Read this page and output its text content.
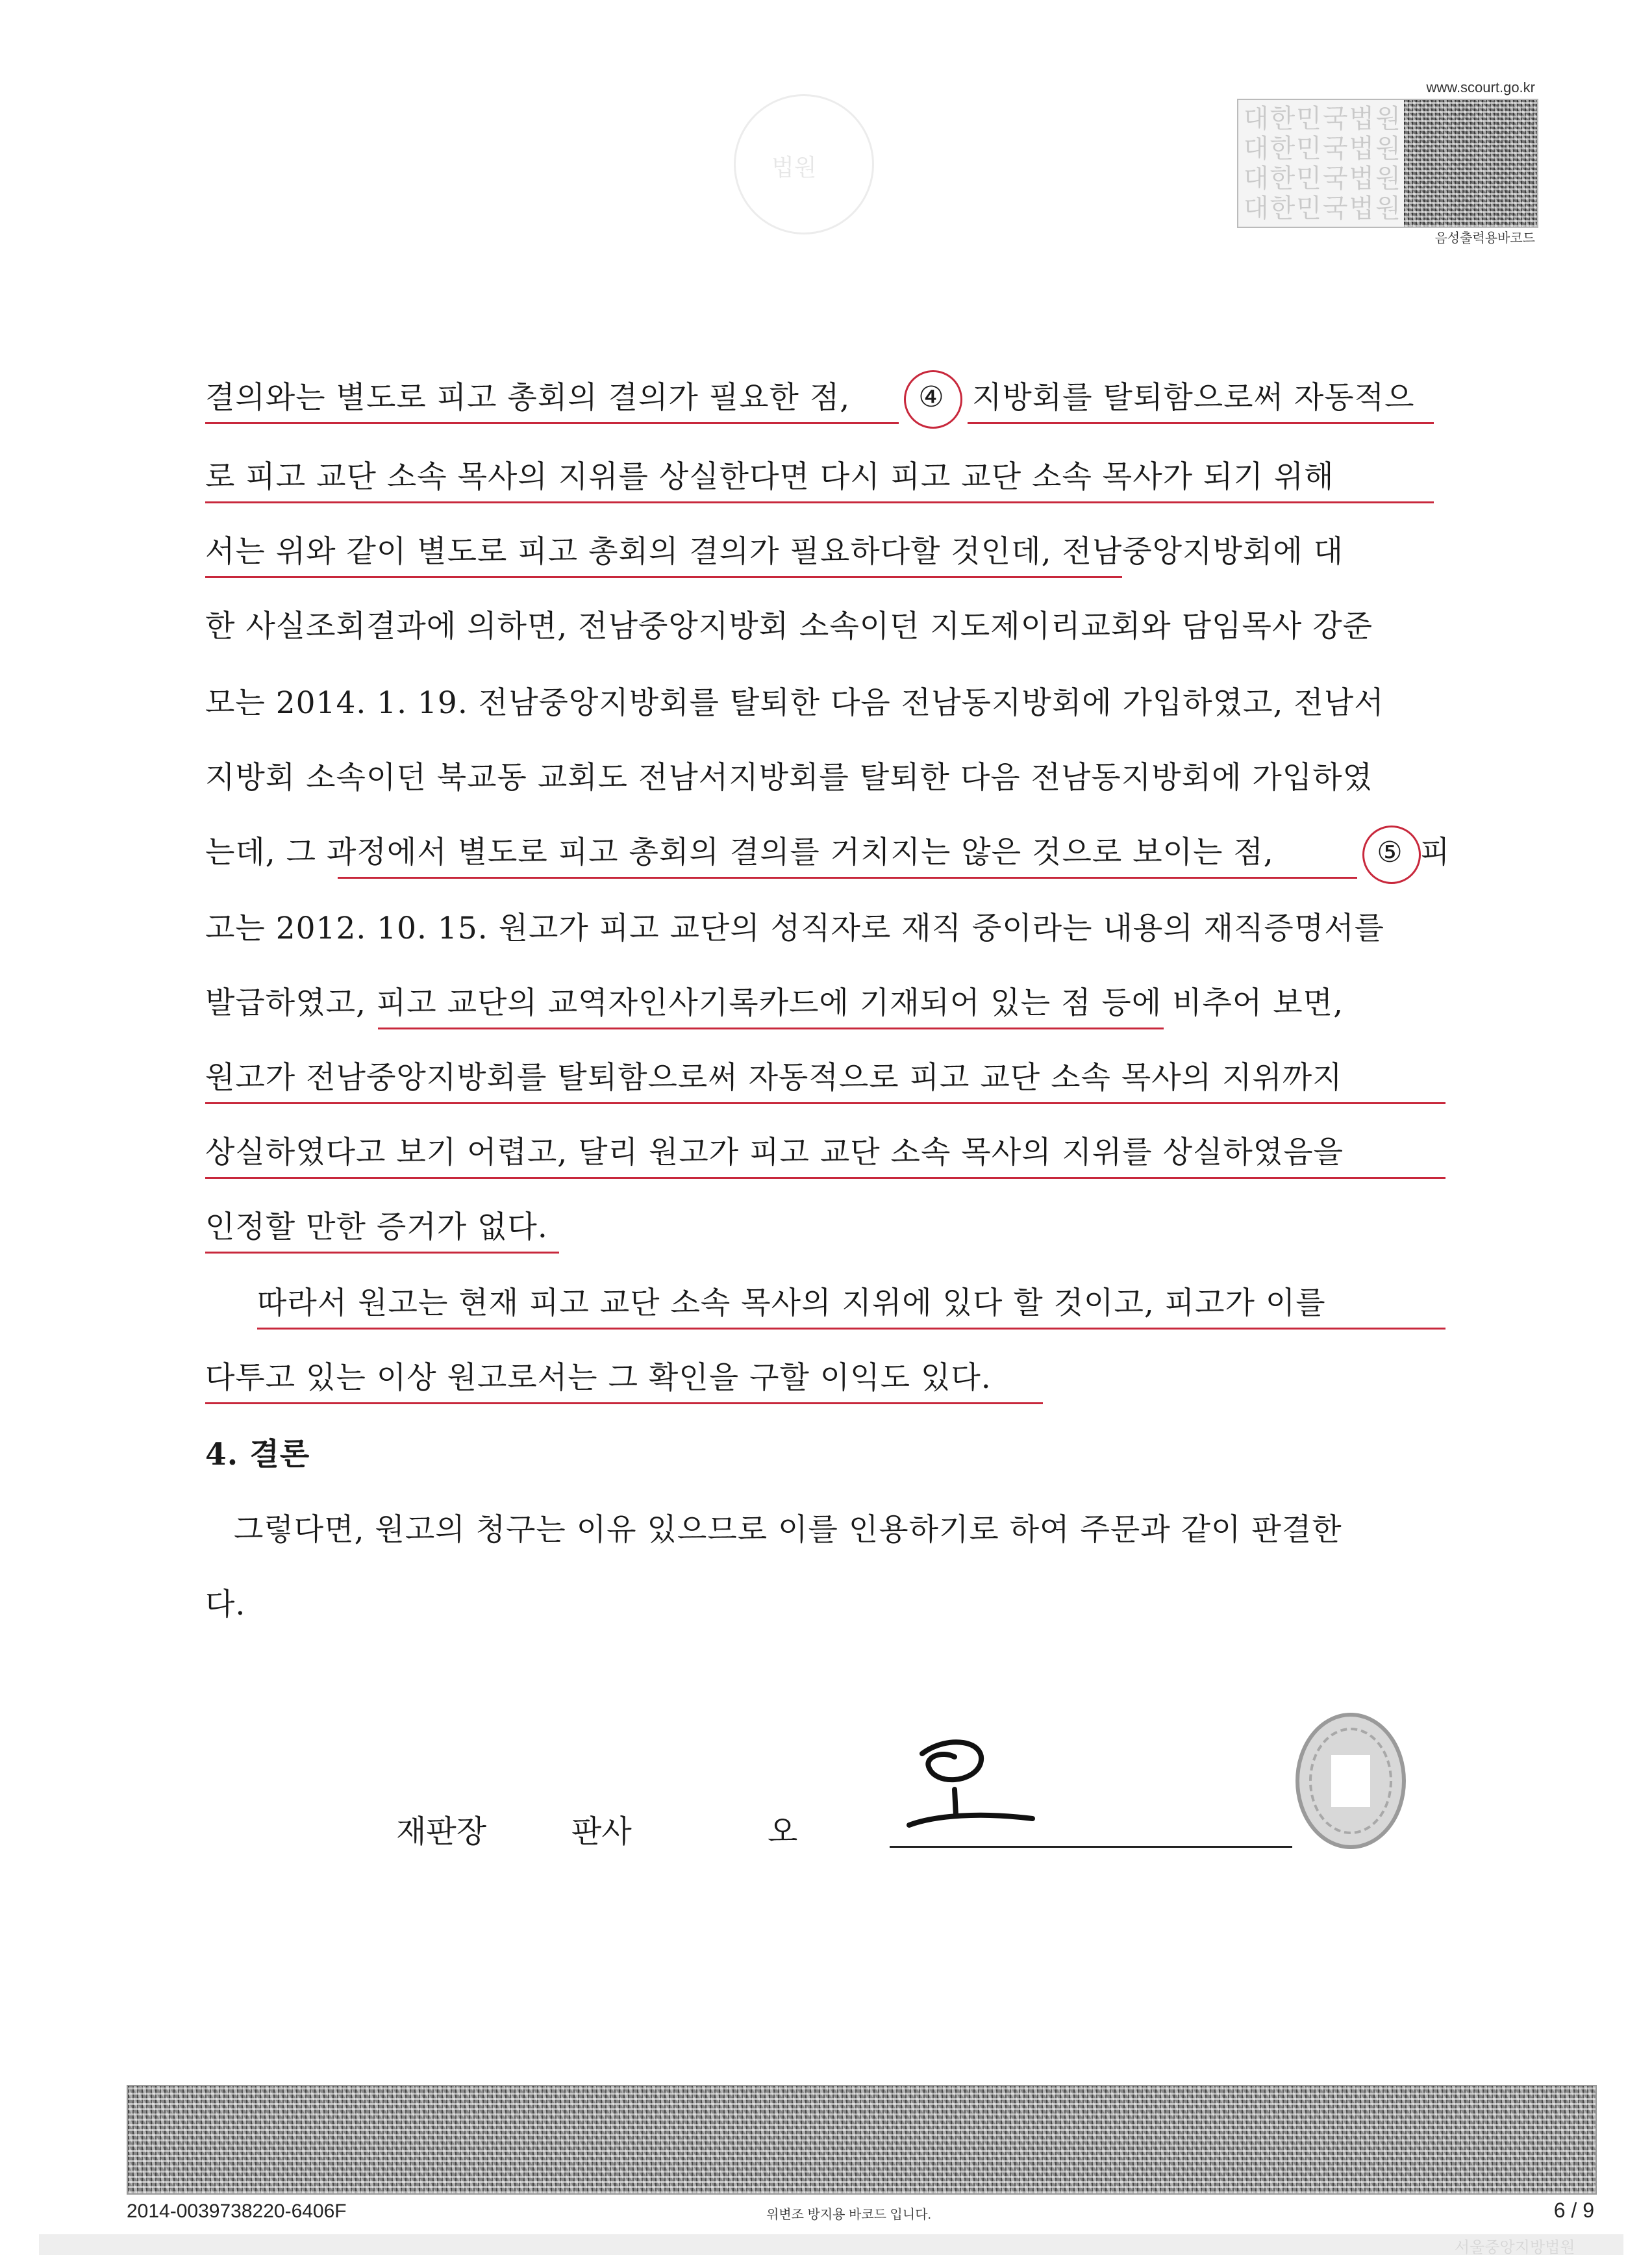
www.scourt.go.kr
대한민국법원
대한민국법원
대한민국법원
대한민국법원
음성출력용바코드
법원
결의와는 별도로 피고 총회의 결의가 필요한 점,	④ 지방회를 탈퇴함으로써 자동적으
로 피고 교단 소속 목사의 지위를 상실한다면 다시 피고 교단 소속 목사가 되기 위해
서는 위와 같이 별도로 피고 총회의 결의가 필요하다할 것인데, 전남중앙지방회에 대
한 사실조회결과에 의하면, 전남중앙지방회 소속이던 지도제이리교회와 담임목사 강준
모는 2014. 1. 19. 전남중앙지방회를 탈퇴한 다음 전남동지방회에 가입하였고, 전남서
지방회 소속이던 북교동 교회도 전남서지방회를 탈퇴한 다음 전남동지방회에 가입하였
는데, 그 과정에서 별도로 피고 총회의 결의를 거치지는 않은 것으로 보이는 점,	⑤ 피
고는 2012. 10. 15. 원고가 피고 교단의 성직자로 재직 중이라는 내용의 재직증명서를
발급하였고, 피고 교단의 교역자인사기록카드에 기재되어 있는 점 등에 비추어 보면,
원고가 전남중앙지방회를 탈퇴함으로써 자동적으로 피고 교단 소속 목사의 지위까지
상실하였다고 보기 어렵고, 달리 원고가 피고 교단 소속 목사의 지위를 상실하였음을
인정할 만한 증거가 없다.
따라서 원고는 현재 피고 교단 소속 목사의 지위에 있다 할 것이고, 피고가 이를
다투고 있는 이상 원고로서는 그 확인을 구할 이익도 있다.
4. 결론
그렇다면, 원고의 청구는 이유 있으므로 이를 인용하기로 하여 주문과 같이 판결한
다.
재판장	판사	오
2014-0039738220-6406F	위변조 방지용 바코드 입니다.	6 / 9
서울중앙지방법원
